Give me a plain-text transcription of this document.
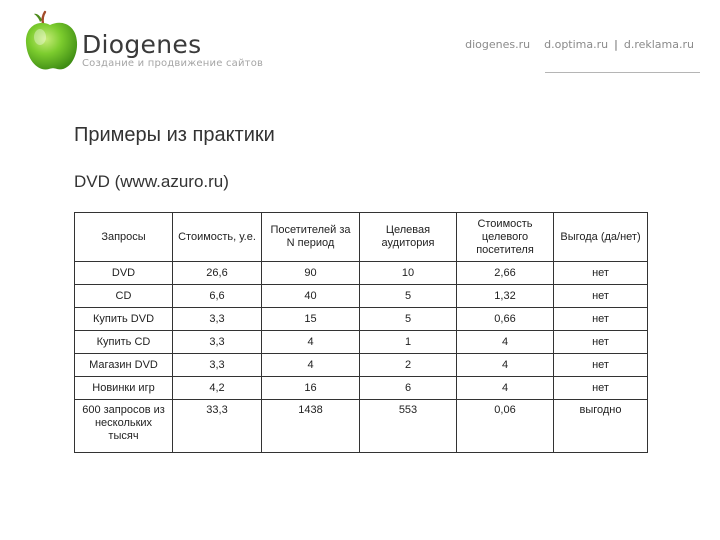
Diogenes
Создание и продвижение сайтов
diogenes.ru d.optima.ru | d.reklama.ru
Примеры из практики
DVD (www.azuro.ru)
Запросы	Стоимость, у.е.	Посетителей за N период	Целевая аудитория	Стоимость целевого посетителя	Выгода (да/нет)
DVD	26,6	90	10	2,66	нет
CD	6,6	40	5	1,32	нет
Купить DVD	3,3	15	5	0,66	нет
Купить CD	3,3	4	1	4	нет
Магазин DVD	3,3	4	2	4	нет
Новинки игр	4,2	16	6	4	нет
600 запросов из нескольких тысяч	33,3	1438	553	0,06	выгодно
